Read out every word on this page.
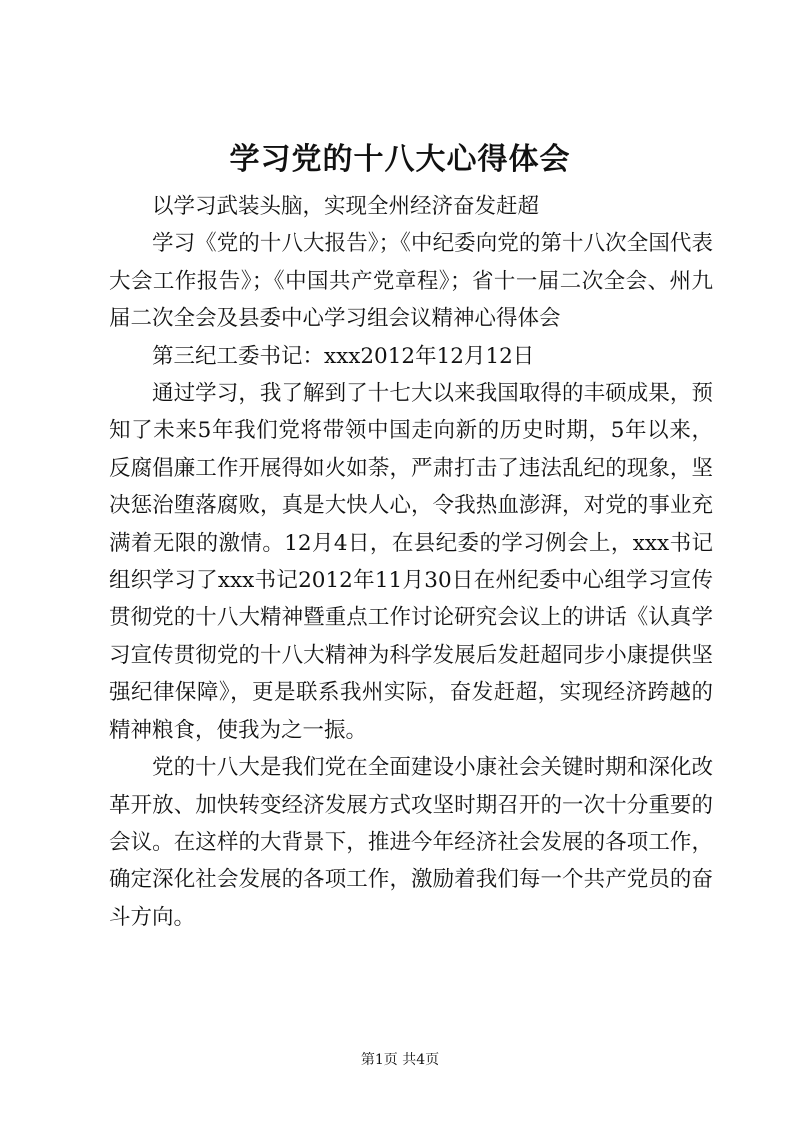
学习党的十八大心得体会

以学习武装头脑，实现全州经济奋发赶超

学习《党的十八大报告》；《中纪委向党的第十八次全国代表大会工作报告》；《中国共产党章程》；省十一届二次全会、州九届二次全会及县委中心学习组会议精神心得体会

第三纪工委书记：xxx2012年12月12日

通过学习，我了解到了十七大以来我国取得的丰硕成果，预知了未来5年我们党将带领中国走向新的历史时期，5年以来，反腐倡廉工作开展得如火如荼，严肃打击了违法乱纪的现象，坚决惩治堕落腐败，真是大快人心，令我热血澎湃，对党的事业充满着无限的激情。12月4日，在县纪委的学习例会上，xxx书记组织学习了xxx书记2012年11月30日在州纪委中心组学习宣传贯彻党的十八大精神暨重点工作讨论研究会议上的讲话《认真学习宣传贯彻党的十八大精神为科学发展后发赶超同步小康提供坚强纪律保障》，更是联系我州实际，奋发赶超，实现经济跨越的精神粮食，使我为之一振。

党的十八大是我们党在全面建设小康社会关键时期和深化改革开放、加快转变经济发展方式攻坚时期召开的一次十分重要的会议。在这样的大背景下，推进今年经济社会发展的各项工作，确定深化社会发展的各项工作，激励着我们每一个共产党员的奋斗方向。

第1页 共4页
